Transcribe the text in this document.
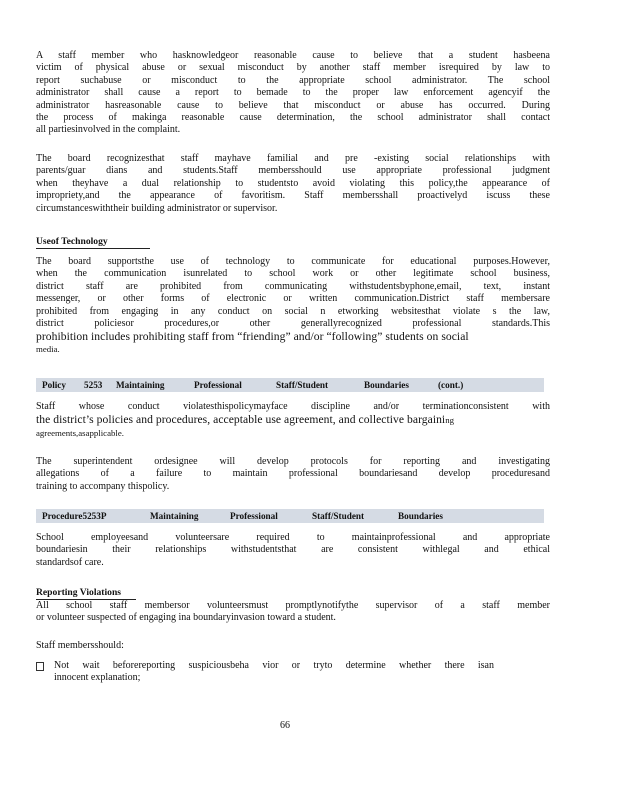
A staff member who hasknowledgeor reasonable cause to believe that a student hasbeena
victim of physical abuse or sexual misconduct by another staff member isrequired by law to
report suchabuse or misconduct to the appropriate school administrator. The school
administrator shall cause a report to bemade to the proper law enforcement agencyif the
administrator hasreasonable cause to believe that misconduct or abuse has occurred. During
the process of makinga reasonable cause determination, the school administrator shall contact
all partiesinvolved in the complaint.
The board recognizesthat staff mayhave familial and pre -existing social relationships with
parents/guar dians and students.Staff membersshould use appropriate professional judgment
when theyhave a dual relationship to studentsto avoid violating this policy,the appearance of
impropriety,and the appearance of favoritism. Staff membersshall proactivelyd iscuss these
circumstanceswiththeir building administrator or supervisor.
Useof Technology
The board supportsthe use of technology to communicate for educational purposes.However,
when the communication isunrelated to school work or other legitimate school business,
district staff are prohibited from communicating withstudentsbyphone,email, text, instant
messenger, or other forms of electronic or written communication.District staff membersare
prohibited from engaging in any conduct on social n etworking websitesthat violate s the law,
district policiesor procedures,or other generallyrecognized professional standards.This
prohibition includes prohibiting staff from “friending” and/or “following” students on social
media.
Policy 5253 Maintaining	Professional	Staff/Student	Boundaries	(cont.)
Staff whose conduct violatesthispolicymayface discipline and/or terminationconsistent with
the district’s policies and procedures, acceptable use agreement, and collective bargaining
agreements,asapplicable.
The superintendent ordesignee will develop protocols for reporting and investigating
allegations of a failure to maintain professional boundariesand develop proceduresand
training to accompany thispolicy.
Procedure5253P	Maintaining	Professional	Staff/Student	Boundaries
School employeesand volunteersare required to maintainprofessional and appropriate
boundariesin their relationships withstudentsthat are consistent withlegal and ethical
standardsof care.
Reporting Violations
All school staff membersor volunteersmust promptlynotifythe supervisor of a staff member
or volunteer suspected of engaging ina boundaryinvasion toward a student.
Staff membersshould:
Not wait beforereporting suspiciousbeha vior or tryto determine whether there isan
innocent explanation;
66
